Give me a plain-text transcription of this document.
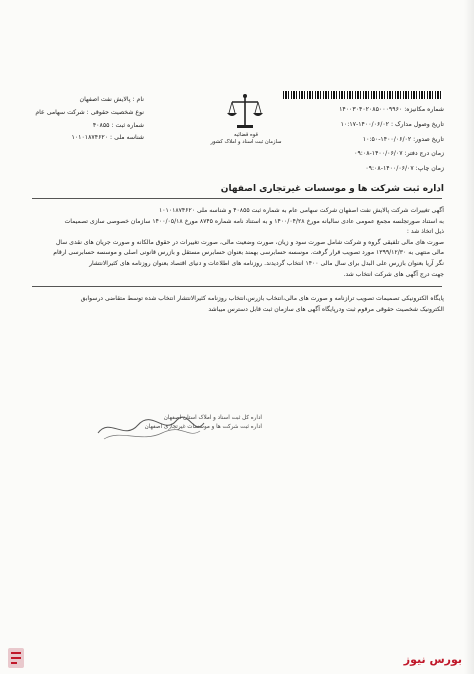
شماره مکانیزه: ۱۴۰۰۳۰۴۰۲۰۸۵۰۰۰۹۹۶۰
تاریخ وصول مدارک : ۱۴۰۰/۰۶/۰۲-۱۰:۱۷
تاریخ صدور: ۱۴۰۰/۰۶/۰۲-۱۰:۵۰
زمان درج دفتر: ۱۴۰۰/۰۶/۰۷-۰۹:۰۸
زمان چاپ: ۱۴۰۰/۰۶/۰۷-۰۹:۰۸
قوه قضائیه
سازمان ثبت اسناد و املاک کشور
نام : پالایش نفت اصفهان
نوع شخصیت حقوقی : شرکت سهامی عام
شماره ثبت : ۴۰۸۵۵
شناسه ملی : ۱۰۱۰۱۸۷۴۶۲۰
اداره ثبت شرکت ها و موسسات غیرتجاری اصفهان
آگهی تغییرات شرکت پالایش نفت اصفهان شرکت سهامی عام به شماره ثبت ۴۰۸۵۵ و شناسه ملی ۱۰۱۰۱۸۷۴۶۲۰
به استناد صورتجلسه مجمع عمومی عادی سالیانه مورخ ۱۴۰۰/۰۴/۲۸ و به استناد نامه شماره ۸۷۴۵ مورخ ۱۴۰۰/۰۵/۱۸ سازمان خصوصی سازی تصمیمات
ذیل اتخاذ شد :
صورت های مالی تلفیقی گروه و شرکت شامل صورت سود و زیان، صورت وضعیت مالی، صورت تغییرات در حقوق مالکانه و صورت جریان های نقدی سال
مالی منتهی به ۱۳۹۹/۱۲/۳۰ مورد تصویب قرار گرفت. موسسه حسابرسی بهمند بعنوان حسابرس مستقل و بازرس قانونی اصلی و موسسه حسابرسی ارقام
نگر آریا بعنوان بازرس علی البدل برای سال مالی ۱۴۰۰ انتخاب گردیدند. روزنامه های اطلاعات و دنیای اقتصاد بعنوان روزنامه های کثیرالانتشار
جهت درج آگهی های شرکت انتخاب شد.
پایگاه الکترونیکی تصمیمات تصویب ترازنامه و صورت های مالی،انتخاب بازرس،انتخاب روزنامه کثیرالانتشار انتخاب شده توسط متقاضی درسوابق
الکترونیک شخصیت حقوقی مرقوم ثبت ودرپایگاه آگهی های سازمان ثبت قابل دسترس میباشد
اداره کل ثبت اسناد و املاک استان اصفهان
اداره ثبت شرکت ها و موسسات غیرتجاری اصفهان
بورس نیوز
